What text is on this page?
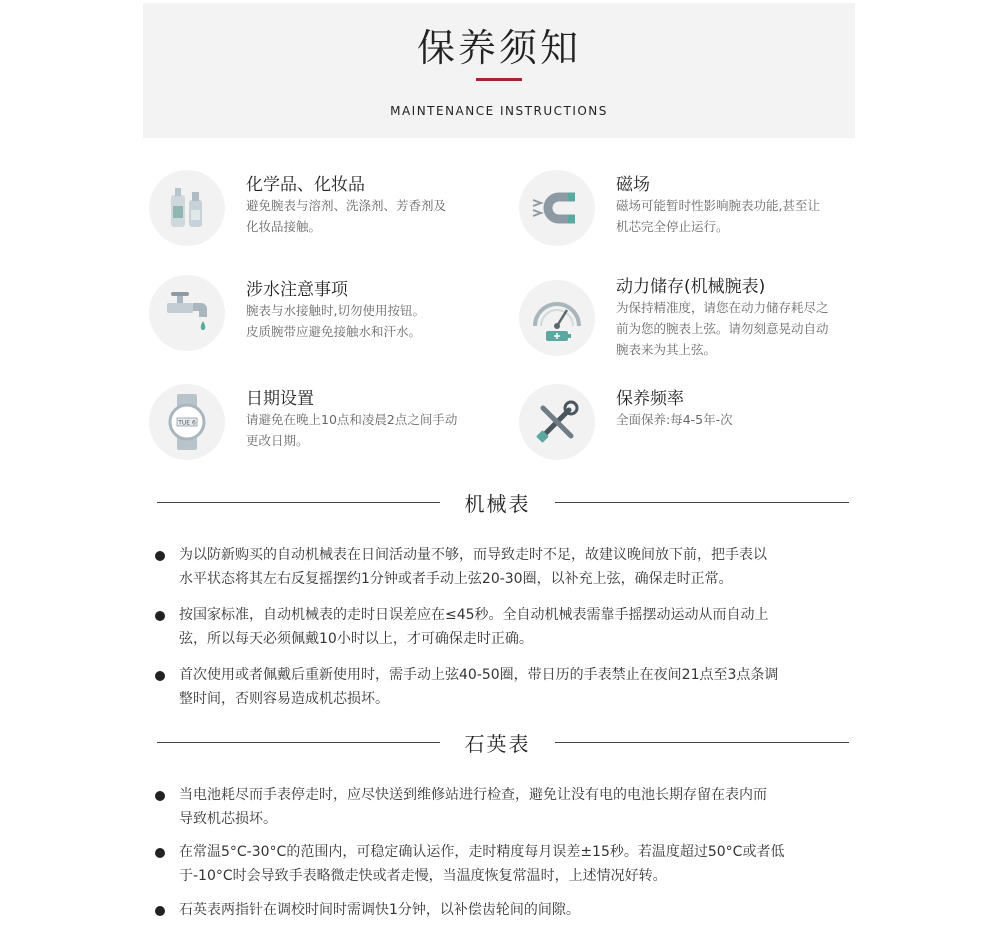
保养须知
MAINTENANCE INSTRUCTIONS
化学品、化妆品
避免腕表与溶剂、洗涤剂、芳香剂及
化妆品接触。
磁场
磁场可能暂时性影响腕表功能,甚至让
机芯完全停止运行。
涉水注意事项
腕表与水接触时,切勿使用按钮。
皮质腕带应避免接触水和汗水。
动力储存(机械腕表)
为保持精准度，请您在动力储存耗尽之
前为您的腕表上弦。请勿刻意晃动自动
腕表来为其上弦。
TUE 6
日期设置
请避免在晚上10点和凌晨2点之间手动
更改日期。
保养频率
全面保养:每4-5年-次
机械表
为以防新购买的自动机械表在日间活动量不够，而导致走时不足，故建议晚间放下前，把手表以
水平状态将其左右反复摇摆约1分钟或者手动上弦20-30圈，以补充上弦，确保走时正常。
按国家标准，自动机械表的走时日误差应在≤45秒。全自动机械表需靠手摇摆动运动从而自动上
弦，所以每天必须佩戴10小时以上，才可确保走时正确。
首次使用或者佩戴后重新使用时，需手动上弦40-50圈，带日历的手表禁止在夜间21点至3点条调
整时间，否则容易造成机芯损坏。
石英表
当电池耗尽而手表停走时，应尽快送到维修站进行检查，避免让没有电的电池长期存留在表内而
导致机芯损坏。
在常温5°C-30°C的范围内，可稳定确认运作，走时精度每月误差±15秒。若温度超过50°C或者低
于-10°C时会导致手表略微走快或者走慢，当温度恢复常温时，上述情况好转。
石英表两指针在调校时间时需调快1分钟，以补偿齿轮间的间隙。
